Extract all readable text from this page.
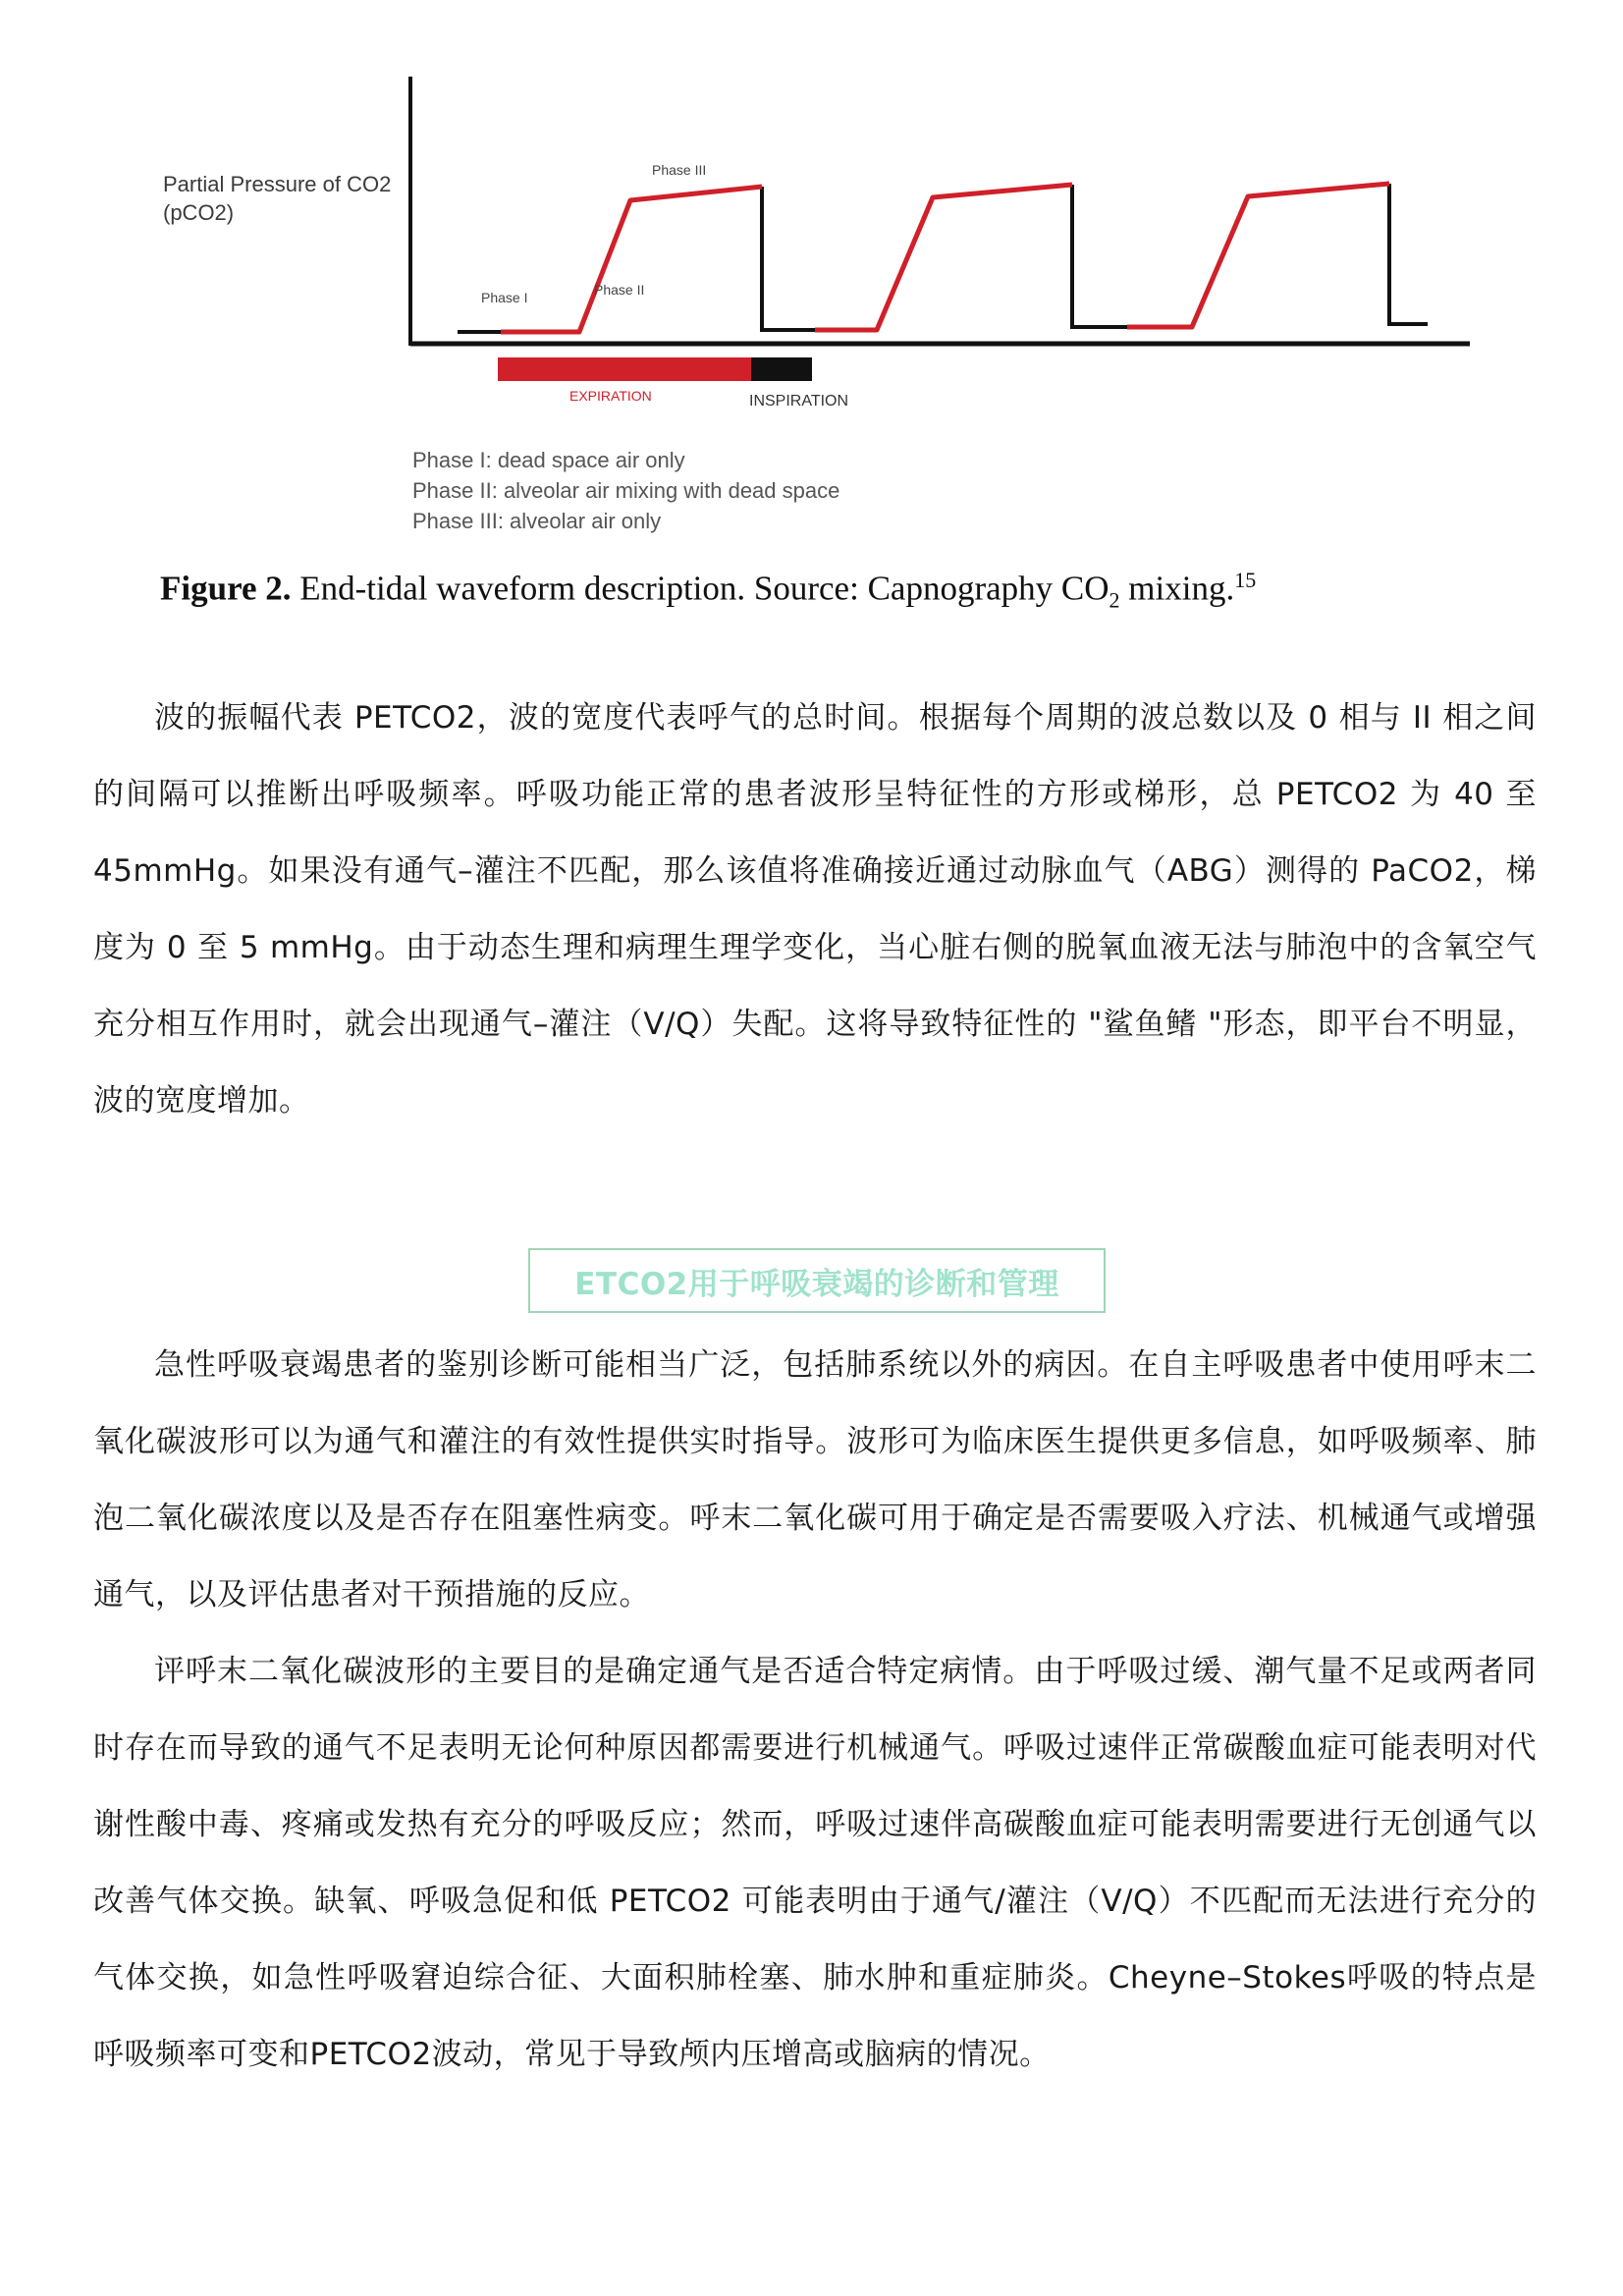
Partial Pressure of CO2
(pCO2)
Phase I	Phase II
Phase III
EXPIRATION	INSPIRATION
Phase I: dead space air only
Phase II: alveolar air mixing with dead space
Phase III: alveolar air only
Figure 2. End-tidal waveform description. Source: Capnography $CO_2$ mixing.$^{15}$

波的振幅代表 PETCO2，波的宽度代表呼气的总时间。根据每个周期的波总数以及 0 相与 II 相之间的间隔可以推断出呼吸频率。呼吸功能正常的患者波形呈特征性的方形或梯形，总 PETCO2 为 40 至 45mmHg。如果没有通气–灌注不匹配，那么该值将准确接近通过动脉血气（ABG）测得的 PaCO2，梯度为 0 至 5 mmHg。由于动态生理和病理生理学变化，当心脏右侧的脱氧血液无法与肺泡中的含氧空气充分相互作用时，就会出现通气–灌注（V/Q）失配。这将导致特征性的 "鲨鱼鳍 "形态，即平台不明显，波的宽度增加。

ETCO2用于呼吸衰竭的诊断和管理

急性呼吸衰竭患者的鉴别诊断可能相当广泛，包括肺系统以外的病因。在自主呼吸患者中使用呼末二氧化碳波形可以为通气和灌注的有效性提供实时指导。波形可为临床医生提供更多信息，如呼吸频率、肺泡二氧化碳浓度以及是否存在阻塞性病变。呼末二氧化碳可用于确定是否需要吸入疗法、机械通气或增强通气，以及评估患者对干预措施的反应。

评呼末二氧化碳波形的主要目的是确定通气是否适合特定病情。由于呼吸过缓、潮气量不足或两者同时存在而导致的通气不足表明无论何种原因都需要进行机械通气。呼吸过速伴正常碳酸血症可能表明对代谢性酸中毒、疼痛或发热有充分的呼吸反应；然而，呼吸过速伴高碳酸血症可能表明需要进行无创通气以改善气体交换。缺氧、呼吸急促和低 PETCO2 可能表明由于通气/灌注（V/Q）不匹配而无法进行充分的气体交换，如急性呼吸窘迫综合征、大面积肺栓塞、肺水肿和重症肺炎。Cheyne–Stokes呼吸的特点是呼吸频率可变和PETCO2波动，常见于导致颅内压增高或脑病的情况。
